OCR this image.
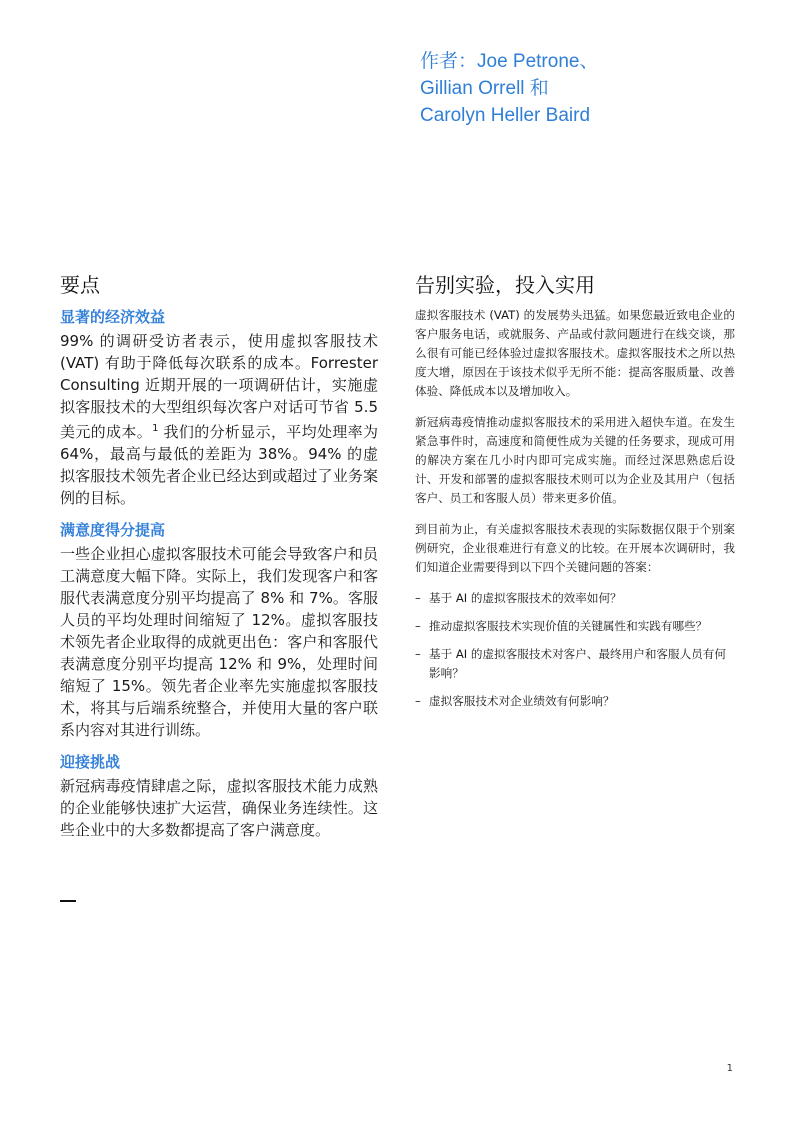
作者：Joe Petrone、
Gillian Orrell 和
Carolyn Heller Baird
要点
显著的经济效益

99% 的调研受访者表示，使用虚拟客服技术 (VAT) 有助于降低每次联系的成本。Forrester Consulting 近期开展的一项调研估计，实施虚拟客服技术的大型组织每次客户对话可节省 5.5 美元的成本。$^1$ 我们的分析显示，平均处理率为 64%，最高与最低的差距为 38%。94% 的虚拟客服技术领先者企业已经达到或超过了业务案例的目标。

满意度得分提高

一些企业担心虚拟客服技术可能会导致客户和员工满意度大幅下降。实际上，我们发现客户和客服代表满意度分别平均提高了 8% 和 7%。客服人员的平均处理时间缩短了 12%。虚拟客服技术领先者企业取得的成就更出色：客户和客服代表满意度分别平均提高 12% 和 9%，处理时间缩短了 15%。领先者企业率先实施虚拟客服技术，将其与后端系统整合，并使用大量的客户联系内容对其进行训练。

迎接挑战

新冠病毒疫情肆虐之际，虚拟客服技术能力成熟的企业能够快速扩大运营，确保业务连续性。这些企业中的大多数都提高了客户满意度。

告别实验，投入实用

虚拟客服技术 (VAT) 的发展势头迅猛。如果您最近致电企业的客户服务电话，或就服务、产品或付款问题进行在线交谈，那么很有可能已经体验过虚拟客服技术。虚拟客服技术之所以热度大增，原因在于该技术似乎无所不能：提高客服质量、改善体验、降低成本以及增加收入。

新冠病毒疫情推动虚拟客服技术的采用进入超快车道。在发生紧急事件时，高速度和简便性成为关键的任务要求，现成可用的解决方案在几小时内即可完成实施。而经过深思熟虑后设计、开发和部署的虚拟客服技术则可以为企业及其用户（包括客户、员工和客服人员）带来更多价值。

到目前为止，有关虚拟客服技术表现的实际数据仅限于个别案例研究，企业很难进行有意义的比较。在开展本次调研时，我们知道企业需要得到以下四个关键问题的答案：

– 基于 AI 的虚拟客服技术的效率如何？
– 推动虚拟客服技术实现价值的关键属性和实践有哪些？
– 基于 AI 的虚拟客服技术对客户、最终用户和客服人员有何影响？
– 虚拟客服技术对企业绩效有何影响？
1
